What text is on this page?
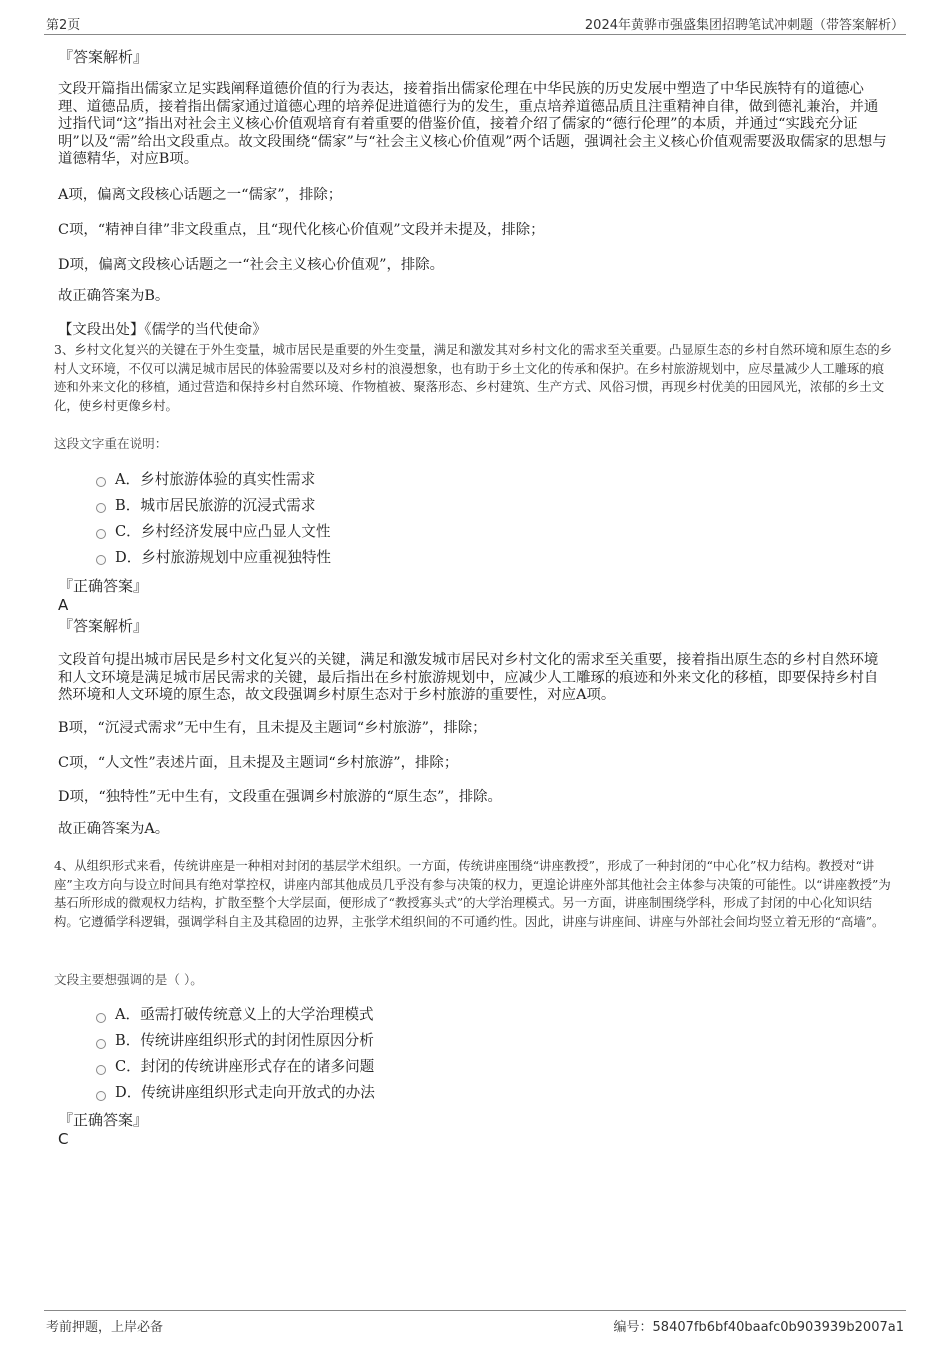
第2页	2024年黄骅市强盛集团招聘笔试冲刺题（带答案解析）
『答案解析』

文段开篇指出儒家立足实践阐释道德价值的行为表达，接着指出儒家伦理在中华民族的历史发展中塑造了中华民族特有的道德心理、道德品质，接着指出儒家通过道德心理的培养促进道德行为的发生，重点培养道德品质且注重精神自律，做到德礼兼治，并通过指代词“这”指出对社会主义核心价值观培育有着重要的借鉴价值，接着介绍了儒家的“德行伦理”的本质，并通过“实践充分证明”以及“需”给出文段重点。故文段围绕“儒家”与“社会主义核心价值观”两个话题，强调社会主义核心价值观需要汲取儒家的思想与道德精华，对应B项。

A项，偏离文段核心话题之一“儒家”，排除；

C项，“精神自律”非文段重点，且“现代化核心价值观”文段并未提及，排除；

D项，偏离文段核心话题之一“社会主义核心价值观”，排除。

故正确答案为B。

【文段出处】《儒学的当代使命》

3、乡村文化复兴的关键在于外生变量，城市居民是重要的外生变量，满足和激发其对乡村文化的需求至关重要。凸显原生态的乡村自然环境和原生态的乡村人文环境，不仅可以满足城市居民的体验需要以及对乡村的浪漫想象，也有助于乡土文化的传承和保护。在乡村旅游规划中，应尽量减少人工雕琢的痕迹和外来文化的移植，通过营造和保持乡村自然环境、作物植被、聚落形态、乡村建筑、生产方式、风俗习惯，再现乡村优美的田园风光，浓郁的乡土文化，使乡村更像乡村。

这段文字重在说明：

A．乡村旅游体验的真实性需求
B．城市居民旅游的沉浸式需求
C．乡村经济发展中应凸显人文性
D．乡村旅游规划中应重视独特性
『正确答案』
A
『答案解析』

文段首句提出城市居民是乡村文化复兴的关键，满足和激发城市居民对乡村文化的需求至关重要，接着指出原生态的乡村自然环境和人文环境是满足城市居民需求的关键，最后指出在乡村旅游规划中，应减少人工雕琢的痕迹和外来文化的移植，即要保持乡村自然环境和人文环境的原生态，故文段强调乡村原生态对于乡村旅游的重要性，对应A项。

B项，“沉浸式需求”无中生有，且未提及主题词“乡村旅游”，排除；

C项，“人文性”表述片面，且未提及主题词“乡村旅游”，排除；

D项，“独特性”无中生有，文段重在强调乡村旅游的“原生态”，排除。

故正确答案为A。

4、从组织形式来看，传统讲座是一种相对封闭的基层学术组织。一方面，传统讲座围绕“讲座教授”，形成了一种封闭的“中心化”权力结构。教授对“讲座”主攻方向与设立时间具有绝对掌控权，讲座内部其他成员几乎没有参与决策的权力，更遑论讲座外部其他社会主体参与决策的可能性。以“讲座教授”为基石所形成的微观权力结构，扩散至整个大学层面，便形成了“教授寡头式”的大学治理模式。另一方面，讲座制围绕学科，形成了封闭的中心化知识结构。它遵循学科逻辑，强调学科自主及其稳固的边界，主张学术组织间的不可通约性。因此，讲座与讲座间、讲座与外部社会间均竖立着无形的“高墙”。

文段主要想强调的是（ ）。

A．亟需打破传统意义上的大学治理模式
B．传统讲座组织形式的封闭性原因分析
C．封闭的传统讲座形式存在的诸多问题
D．传统讲座组织形式走向开放式的办法
『正确答案』
C
考前押题，上岸必备	编号：58407fb6bf40baafc0b903939b2007a1
